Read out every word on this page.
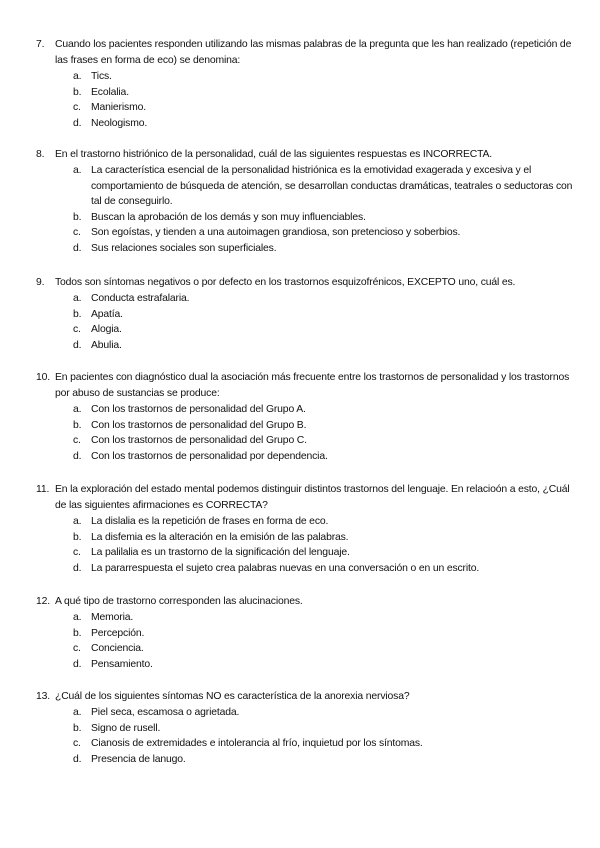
7.	Cuando los pacientes responden utilizando las mismas palabras de la pregunta que les han realizado (repetición de las frases en forma de eco) se denomina:
a. Tics.
b. Ecolalia.
c. Manierismo.
d. Neologismo.
8.	En el trastorno histriónico de la personalidad, cuál de las siguientes respuestas es INCORRECTA.
a. La característica esencial de la personalidad histriónica es la emotividad exagerada y excesiva y el comportamiento de búsqueda de atención, se desarrollan conductas dramáticas, teatrales o seductoras con tal de conseguirlo.
b. Buscan la aprobación de los demás y son muy influenciables.
c. Son egoístas, y tienden a una autoimagen grandiosa, son pretencioso y soberbios.
d. Sus relaciones sociales son superficiales.
9.	Todos son síntomas negativos o por defecto en los trastornos esquizofrénicos, EXCEPTO uno, cuál es.
a. Conducta estrafalaria.
b. Apatía.
c. Alogia.
d. Abulia.
10. En pacientes con diagnóstico dual la asociación más frecuente entre los trastornos de personalidad y los trastornos por abuso de sustancias se produce:
a. Con los trastornos de personalidad del Grupo A.
b. Con los trastornos de personalidad del Grupo B.
c. Con los trastornos de personalidad del Grupo C.
d. Con los trastornos de personalidad por dependencia.
11. En la exploración del estado mental podemos distinguir distintos trastornos del lenguaje. En relacioón a esto, ¿Cuál de las siguientes afirmaciones es CORRECTA?
a. La dislalia es la repetición de frases en forma de eco.
b. La disfemia es la alteración en la emisión de las palabras.
c. La palilalia es un trastorno de la significación del lenguaje.
d. La pararrespuesta el sujeto crea palabras nuevas en una conversación o en un escrito.
12. A qué tipo de trastorno corresponden las alucinaciones.
a. Memoria.
b. Percepción.
c. Conciencia.
d. Pensamiento.
13. ¿Cuál de los siguientes síntomas NO es característica de la anorexia nerviosa?
a. Piel seca, escamosa o agrietada.
b. Signo de rusell.
c. Cianosis de extremidades e intolerancia al frío, inquietud por los síntomas.
d. Presencia de lanugo.
